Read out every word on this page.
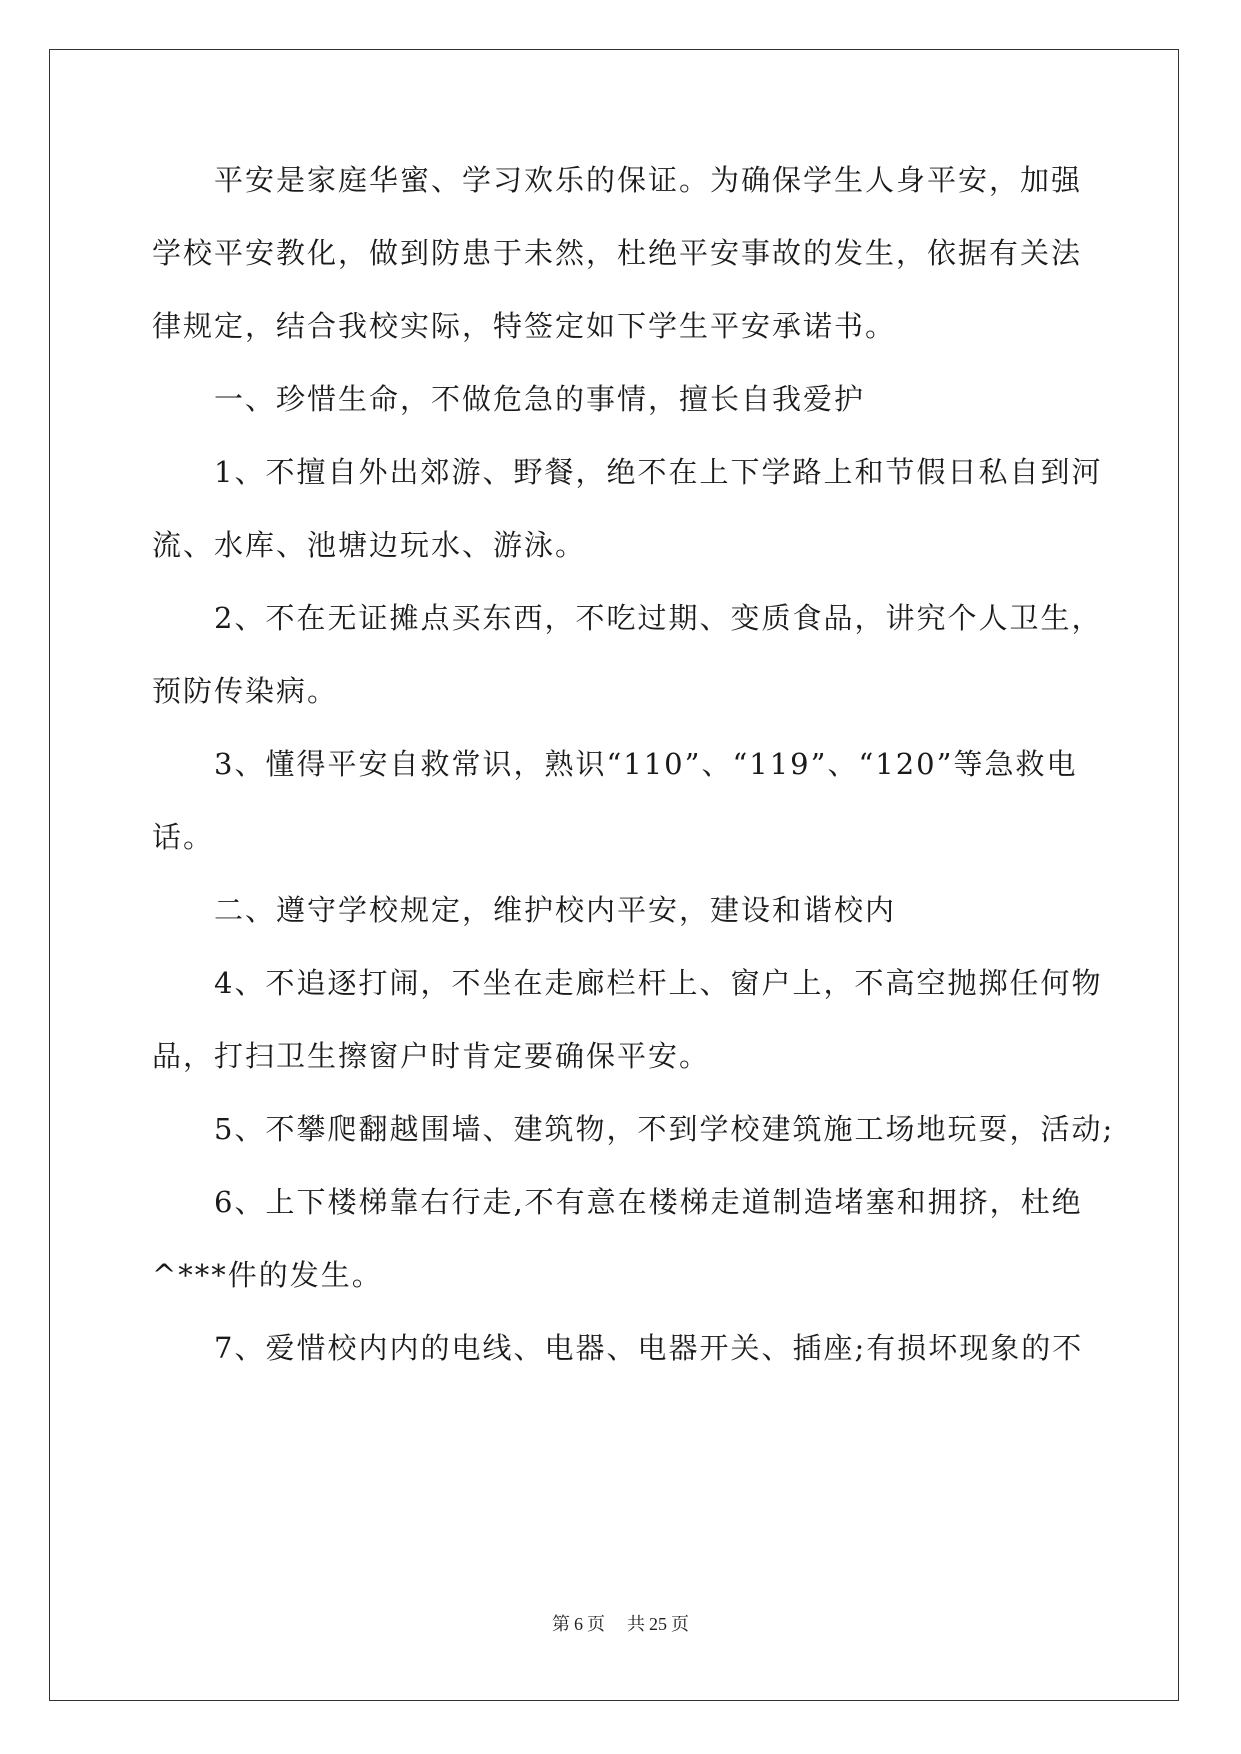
平安是家庭华蜜、学习欢乐的保证。为确保学生人身平安，加强
学校平安教化，做到防患于未然，杜绝平安事故的发生，依据有关法
律规定，结合我校实际，特签定如下学生平安承诺书。
一、珍惜生命，不做危急的事情，擅长自我爱护
1、不擅自外出郊游、野餐，绝不在上下学路上和节假日私自到河
流、水库、池塘边玩水、游泳。
2、不在无证摊点买东西，不吃过期、变质食品，讲究个人卫生，
预防传染病。
3、懂得平安自救常识，熟识“110”、“119”、“120”等急救电
话。
二、遵守学校规定，维护校内平安，建设和谐校内
4、不追逐打闹，不坐在走廊栏杆上、窗户上，不高空抛掷任何物
品，打扫卫生擦窗户时肯定要确保平安。
5、不攀爬翻越围墙、建筑物，不到学校建筑施工场地玩耍，活动;
6、上下楼梯靠右行走,不有意在楼梯走道制造堵塞和拥挤，杜绝
^***件的发生。
7、爱惜校内内的电线、电器、电器开关、插座;有损坏现象的不
第 6 页 共 25 页
